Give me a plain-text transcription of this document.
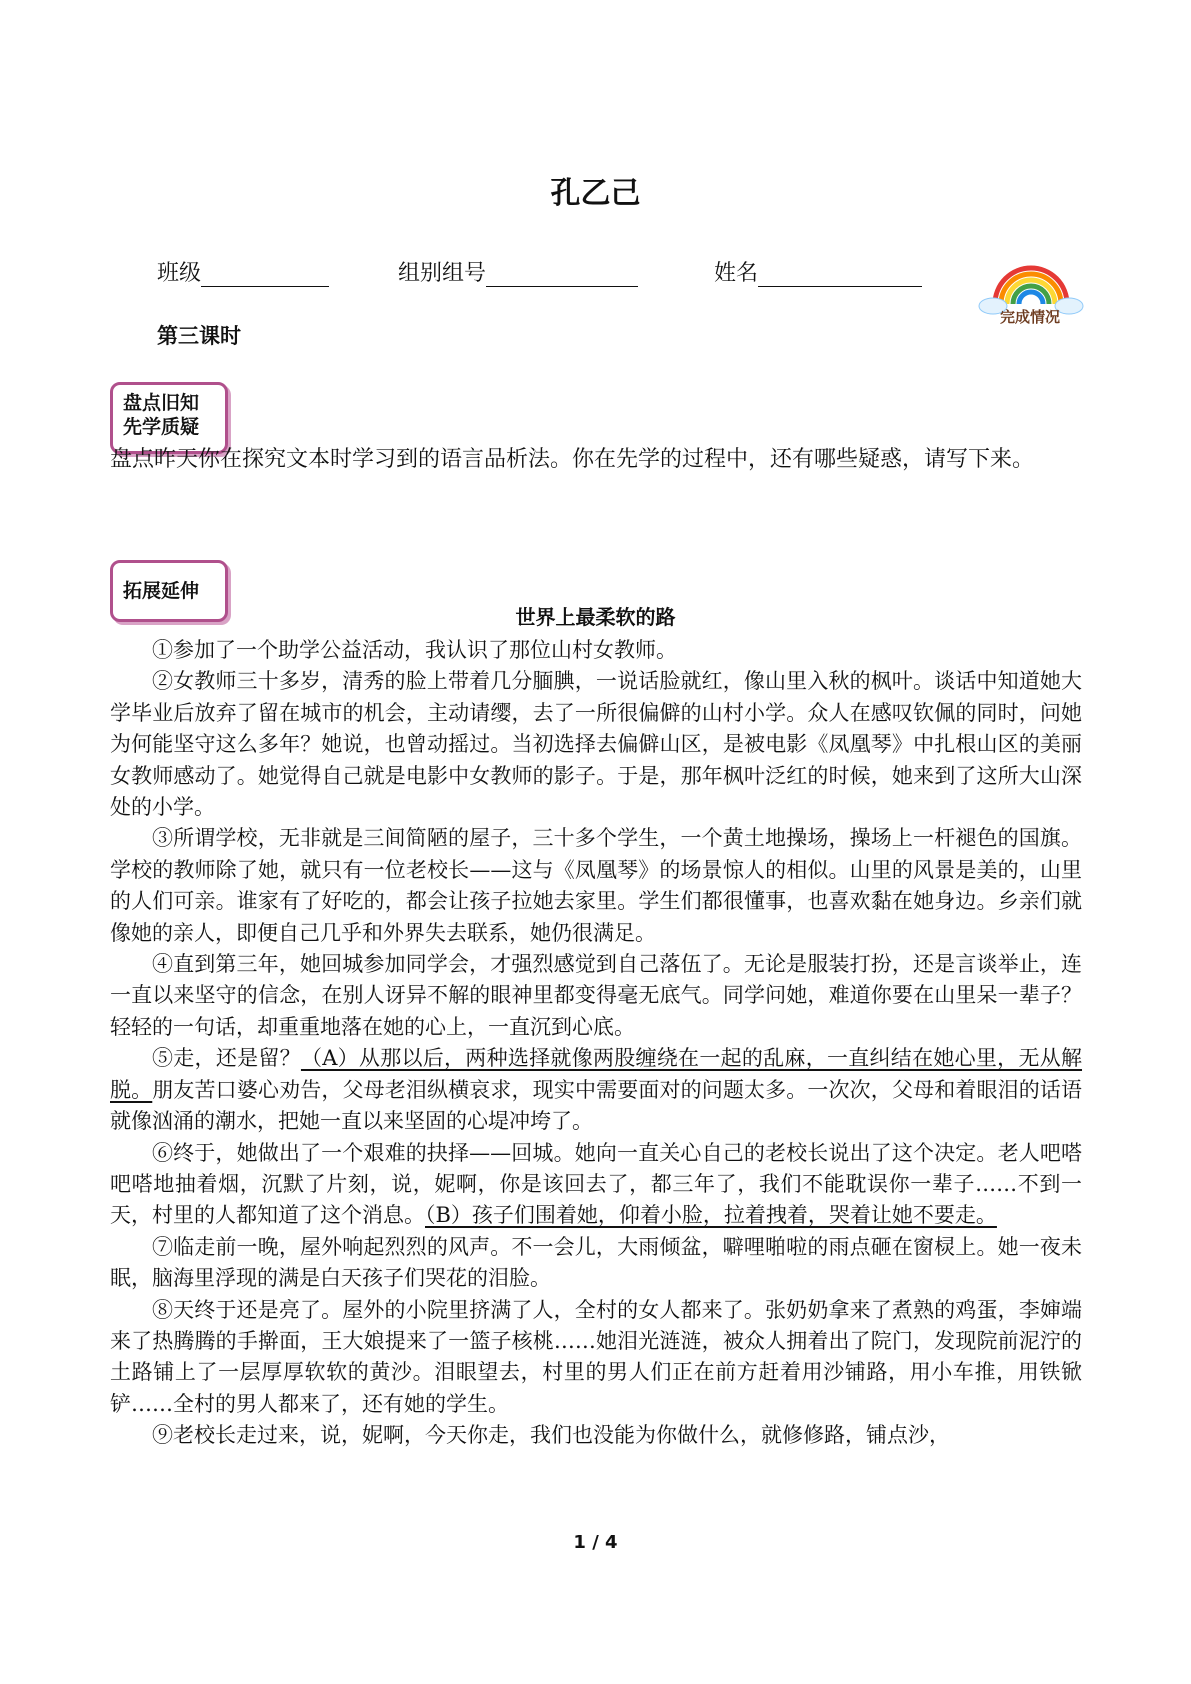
孔乙己
班级	组别组号	姓名
完成情况
第三课时
盘点旧知
先学质疑
盘点昨天你在探究文本时学习到的语言品析法。你在先学的过程中，还有哪些疑惑，请写下来。
拓展延伸
世界上最柔软的路

①参加了一个助学公益活动，我认识了那位山村女教师。

②女教师三十多岁，清秀的脸上带着几分腼腆，一说话脸就红，像山里入秋的枫叶。谈话中知道她大学毕业后放弃了留在城市的机会，主动请缨，去了一所很偏僻的山村小学。众人在感叹钦佩的同时，问她为何能坚守这么多年？她说，也曾动摇过。当初选择去偏僻山区，是被电影《凤凰琴》中扎根山区的美丽女教师感动了。她觉得自己就是电影中女教师的影子。于是，那年枫叶泛红的时候，她来到了这所大山深处的小学。

③所谓学校，无非就是三间简陋的屋子，三十多个学生，一个黄土地操场，操场上一杆褪色的国旗。学校的教师除了她，就只有一位老校长——这与《凤凰琴》的场景惊人的相似。山里的风景是美的，山里的人们可亲。谁家有了好吃的，都会让孩子拉她去家里。学生们都很懂事，也喜欢黏在她身边。乡亲们就像她的亲人，即便自己几乎和外界失去联系，她仍很满足。

④直到第三年，她回城参加同学会，才强烈感觉到自己落伍了。无论是服装打扮，还是言谈举止，连一直以来坚守的信念，在别人讶异不解的眼神里都变得毫无底气。同学问她，难道你要在山里呆一辈子？轻轻的一句话，却重重地落在她的心上，一直沉到心底。

⑤走，还是留？（A）从那以后，两种选择就像两股缠绕在一起的乱麻，一直纠结在她心里，无从解脱。朋友苦口婆心劝告，父母老泪纵横哀求，现实中需要面对的问题太多。一次次，父母和着眼泪的话语就像汹涌的潮水，把她一直以来坚固的心堤冲垮了。

⑥终于，她做出了一个艰难的抉择——回城。她向一直关心自己的老校长说出了这个决定。老人吧嗒吧嗒地抽着烟，沉默了片刻，说，妮啊，你是该回去了，都三年了，我们不能耽误你一辈子……不到一天，村里的人都知道了这个消息。（B）孩子们围着她，仰着小脸，拉着拽着，哭着让她不要走。

⑦临走前一晚，屋外响起烈烈的风声。不一会儿，大雨倾盆，噼哩啪啦的雨点砸在窗棂上。她一夜未眠，脑海里浮现的满是白天孩子们哭花的泪脸。

⑧天终于还是亮了。屋外的小院里挤满了人，全村的女人都来了。张奶奶拿来了煮熟的鸡蛋，李婶端来了热腾腾的手擀面，王大娘提来了一篮子核桃……她泪光涟涟，被众人拥着出了院门，发现院前泥泞的土路铺上了一层厚厚软软的黄沙。泪眼望去，村里的男人们正在前方赶着用沙铺路，用小车推，用铁锨铲……全村的男人都来了，还有她的学生。

⑨老校长走过来，说，妮啊，今天你走，我们也没能为你做什么，就修修路，铺点沙，

1 / 4
